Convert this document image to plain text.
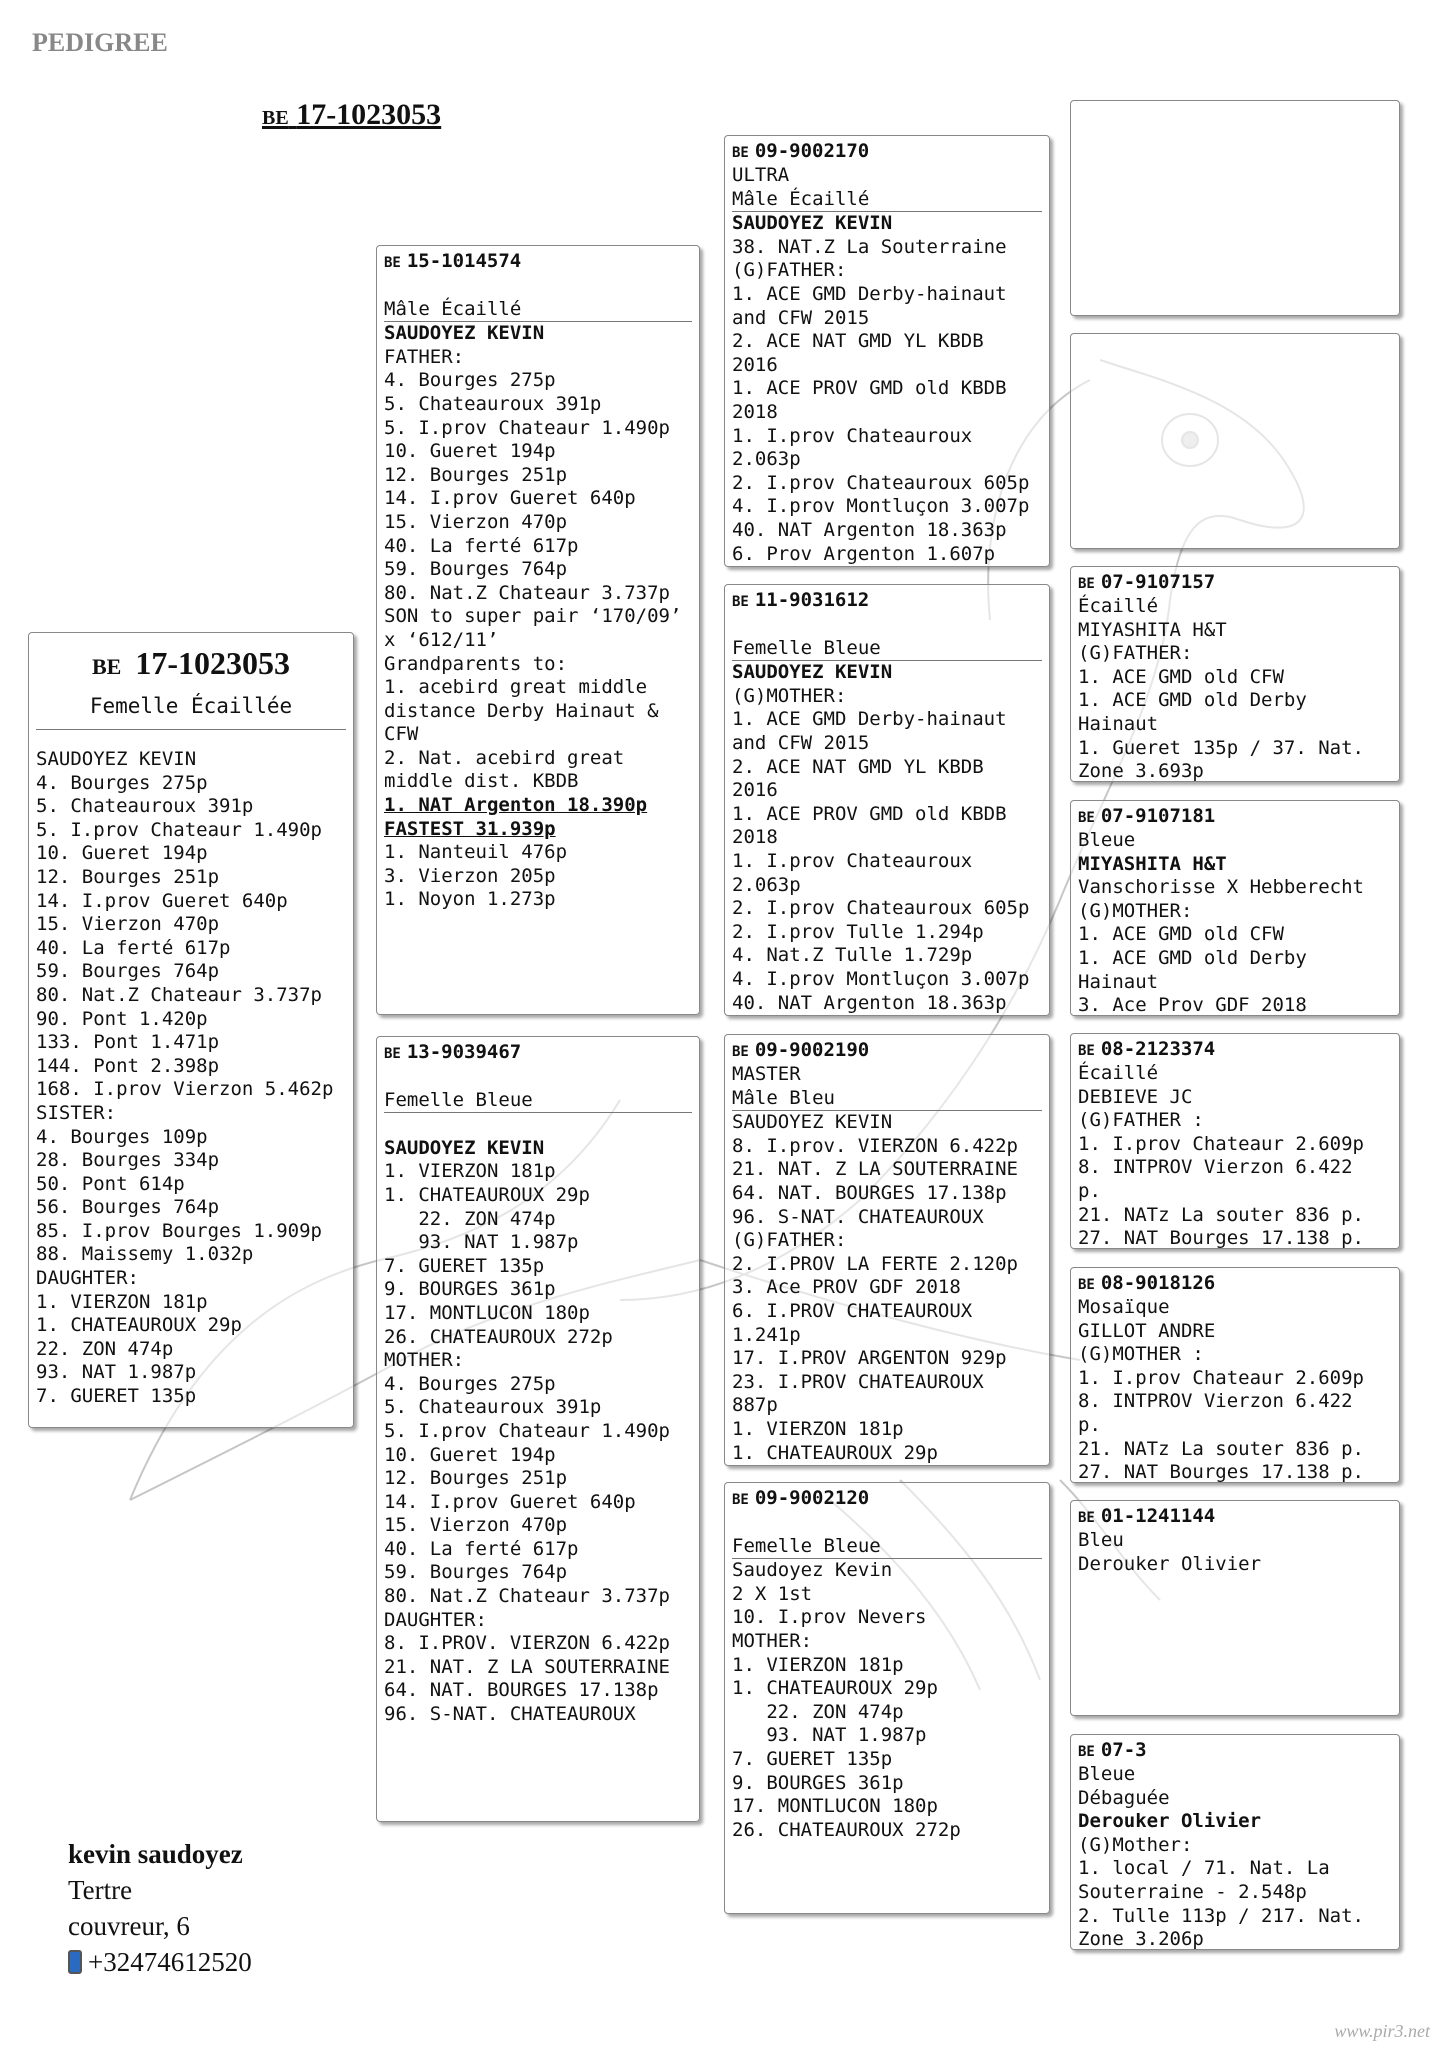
PEDIGREE
BE 17-1023053
BE 17-1023053
Femelle Écaillée
SAUDOYEZ KEVIN
4. Bourges 275p
5. Chateauroux 391p
5. I.prov Chateaur 1.490p
10. Gueret 194p
12. Bourges 251p
14. I.prov Gueret 640p
15. Vierzon 470p
40. La ferté 617p
59. Bourges 764p
80. Nat.Z Chateaur 3.737p
90. Pont 1.420p
133. Pont 1.471p
144. Pont 2.398p
168. I.prov Vierzon 5.462p
SISTER:
4. Bourges 109p
28. Bourges 334p
50. Pont 614p
56. Bourges 764p
85. I.prov Bourges 1.909p
88. Maissemy 1.032p
DAUGHTER:
1. VIERZON 181p
1. CHATEAUROUX 29p
22. ZON 474p
93. NAT 1.987p
7. GUERET 135p
BE 15-1014574

Mâle Écaillé
SAUDOYEZ KEVIN
FATHER:
4. Bourges 275p
5. Chateauroux 391p
5. I.prov Chateaur 1.490p
10. Gueret 194p
12. Bourges 251p
14. I.prov Gueret 640p
15. Vierzon 470p
40. La ferté 617p
59. Bourges 764p
80. Nat.Z Chateaur 3.737p
SON to super pair ‘170/09’
x ‘612/11’
Grandparents to:
1. acebird great middle
distance Derby Hainaut &
CFW
2. Nat. acebird great
middle dist. KBDB
1. NAT Argenton 18.390p
FASTEST 31.939p
1. Nanteuil 476p
3. Vierzon 205p
1. Noyon 1.273p
BE 13-9039467

Femelle Bleue

SAUDOYEZ KEVIN
1. VIERZON 181p
1. CHATEAUROUX 29p
22. ZON 474p
93. NAT 1.987p
7. GUERET 135p
9. BOURGES 361p
17. MONTLUCON 180p
26. CHATEAUROUX 272p
MOTHER:
4. Bourges 275p
5. Chateauroux 391p
5. I.prov Chateaur 1.490p
10. Gueret 194p
12. Bourges 251p
14. I.prov Gueret 640p
15. Vierzon 470p
40. La ferté 617p
59. Bourges 764p
80. Nat.Z Chateaur 3.737p
DAUGHTER:
8. I.PROV. VIERZON 6.422p
21. NAT. Z LA SOUTERRAINE
64. NAT. BOURGES 17.138p
96. S-NAT. CHATEAUROUX
BE 09-9002170
ULTRA
Mâle Écaillé
SAUDOYEZ KEVIN
38. NAT.Z La Souterraine
(G)FATHER:
1. ACE GMD Derby-hainaut
and CFW 2015
2. ACE NAT GMD YL KBDB
2016
1. ACE PROV GMD old KBDB
2018
1. I.prov Chateauroux
2.063p
2. I.prov Chateauroux 605p
4. I.prov Montluçon 3.007p
40. NAT Argenton 18.363p
6. Prov Argenton 1.607p
BE 11-9031612

Femelle Bleue
SAUDOYEZ KEVIN
(G)MOTHER:
1. ACE GMD Derby-hainaut
and CFW 2015
2. ACE NAT GMD YL KBDB
2016
1. ACE PROV GMD old KBDB
2018
1. I.prov Chateauroux
2.063p
2. I.prov Chateauroux 605p
2. I.prov Tulle 1.294p
4. Nat.Z Tulle 1.729p
4. I.prov Montluçon 3.007p
40. NAT Argenton 18.363p
BE 09-9002190
MASTER
Mâle Bleu
SAUDOYEZ KEVIN
8. I.prov. VIERZON 6.422p
21. NAT. Z LA SOUTERRAINE
64. NAT. BOURGES 17.138p
96. S-NAT. CHATEAUROUX
(G)FATHER:
2. I.PROV LA FERTE 2.120p
3. Ace PROV GDF 2018
6. I.PROV CHATEAUROUX
1.241p
17. I.PROV ARGENTON 929p
23. I.PROV CHATEAUROUX
887p
1. VIERZON 181p
1. CHATEAUROUX 29p
BE 09-9002120

Femelle Bleue
Saudoyez Kevin
2 X 1st
10. I.prov Nevers
MOTHER:
1. VIERZON 181p
1. CHATEAUROUX 29p
22. ZON 474p
93. NAT 1.987p
7. GUERET 135p
9. BOURGES 361p
17. MONTLUCON 180p
26. CHATEAUROUX 272p
BE 07-9107157
Écaillé
MIYASHITA H&T
(G)FATHER:
1. ACE GMD old CFW
1. ACE GMD old Derby
Hainaut
1. Gueret 135p / 37. Nat.
Zone 3.693p
BE 07-9107181
Bleue
MIYASHITA H&T
Vanschorisse X Hebberecht
(G)MOTHER:
1. ACE GMD old CFW
1. ACE GMD old Derby
Hainaut
3. Ace Prov GDF 2018
BE 08-2123374
Écaillé
DEBIEVE JC
(G)FATHER :
1. I.prov Chateaur 2.609p
8. INTPROV Vierzon 6.422
p.
21. NATz La souter 836 p.
27. NAT Bourges 17.138 p.
BE 08-9018126
Mosaïque
GILLOT ANDRE
(G)MOTHER :
1. I.prov Chateaur 2.609p
8. INTPROV Vierzon 6.422
p.
21. NATz La souter 836 p.
27. NAT Bourges 17.138 p.
BE 01-1241144
Bleu
Derouker Olivier
BE 07-3
Bleue
Débaguée
Derouker Olivier
(G)Mother:
1. local / 71. Nat. La
Souterraine - 2.548p
2. Tulle 113p / 217. Nat.
Zone 3.206p
kevin saudoyez
Tertre
couvreur, 6
+32474612520
www.pir3.net
